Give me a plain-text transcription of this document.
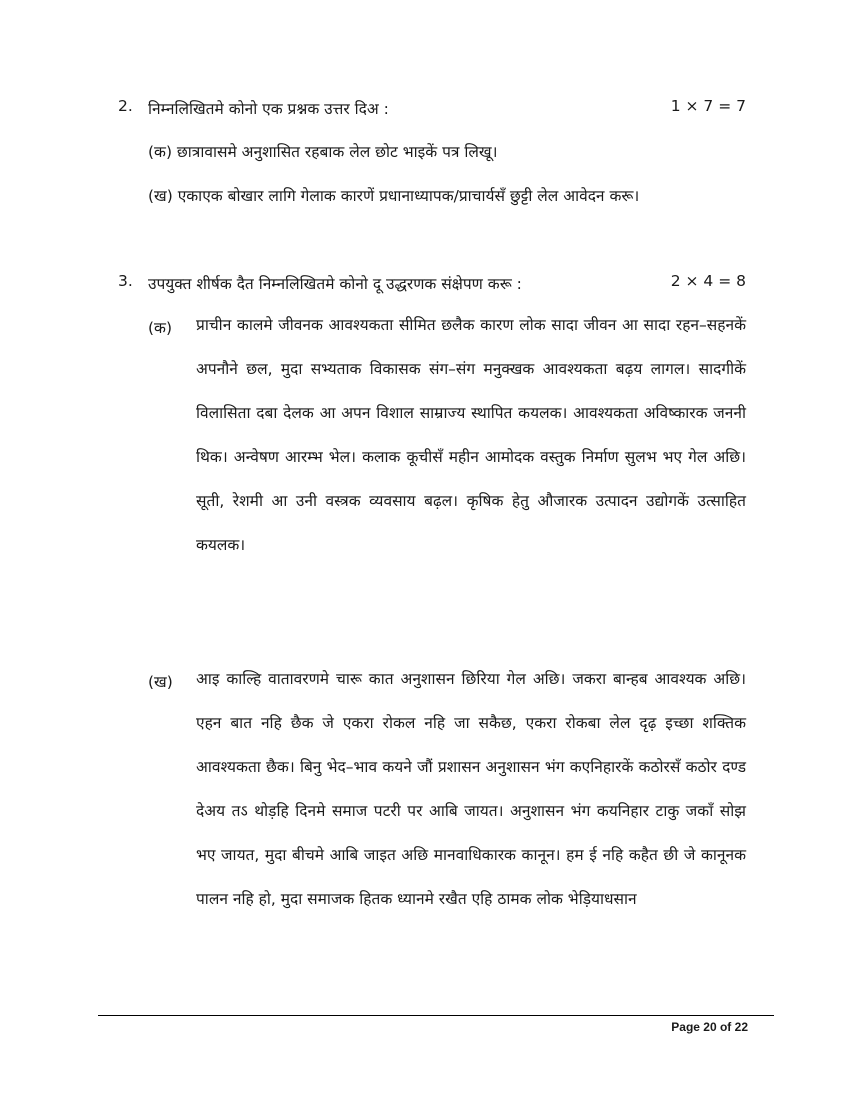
2. निम्नलिखितमे कोनो एक प्रश्नक उत्तर दिअ :	1 × 7 = 7
(क) छात्रावासमे अनुशासित रहबाक लेल छोट भाइकें पत्र लिखू।
(ख) एकाएक बोखार लागि गेलाक कारणें प्रधानाध्यापक/प्राचार्यसँ छुट्टी लेल आवेदन करू।
3. उपयुक्त शीर्षक दैत निम्नलिखितमे कोनो दू उद्धरणक संक्षेपण करू :	2 × 4 = 8
(क) प्राचीन कालमे जीवनक आवश्यकता सीमित छलैक कारण लोक सादा जीवन आ सादा रहन–सहनकें अपनौने छल, मुदा सभ्यताक विकासक संग–संग मनुक्खक आवश्यकता बढ़य लागल। सादगीकें विलासिता दबा देलक आ अपन विशाल साम्राज्य स्थापित कयलक। आवश्यकता अविष्कारक जननी थिक। अन्वेषण आरम्भ भेल। कलाक कूचीसँ महीन आमोदक वस्तुक निर्माण सुलभ भए गेल अछि। सूती, रेशमी आ उनी वस्त्रक व्यवसाय बढ़ल। कृषिक हेतु औजारक उत्पादन उद्योगकें उत्साहित कयलक।
(ख) आइ काल्हि वातावरणमे चारू कात अनुशासन छिरिया गेल अछि। जकरा बान्हब आवश्यक अछि। एहन बात नहि छैक जे एकरा रोकल नहि जा सकैछ, एकरा रोकबा लेल दृढ़ इच्छा शक्तिक आवश्यकता छैक। बिनु भेद–भाव कयने जौं प्रशासन अनुशासन भंग कएनिहारकें कठोरसँ कठोर दण्ड देअय तऽ थोड़हि दिनमे समाज पटरी पर आबि जायत। अनुशासन भंग कयनिहार टाकु जकाँ सोझ भए जायत, मुदा बीचमे आबि जाइत अछि मानवाधिकारक कानून। हम ई नहि कहैत छी जे कानूनक पालन नहि हो, मुदा समाजक हितक ध्यानमे रखैत एहि ठामक लोक भेड़ियाधसान
Page 20 of 22
